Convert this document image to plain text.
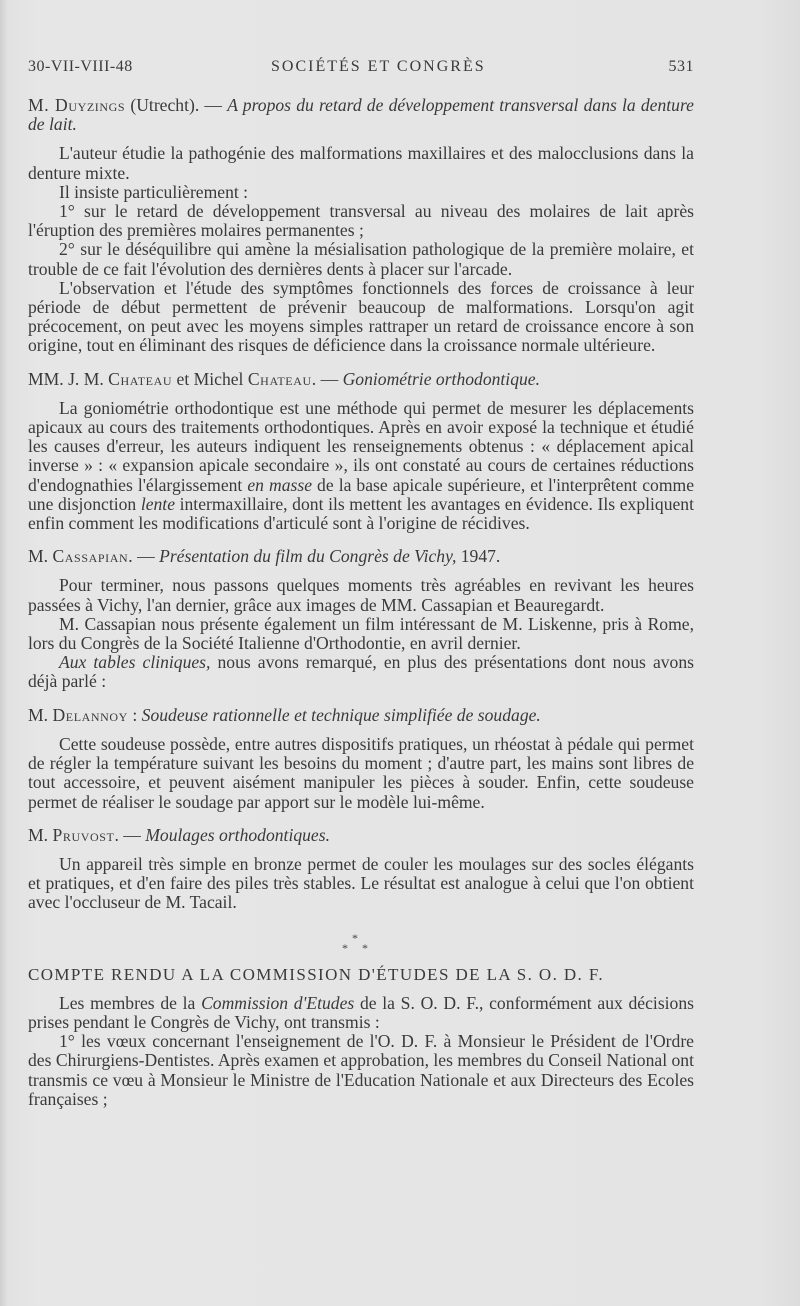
30-VII-VIII-48	SOCIÉTÉS ET CONGRÈS	531

M. Duyzings (Utrecht). — A propos du retard de développement transversal dans la denture de lait.

L'auteur étudie la pathogénie des malformations maxillaires et des malocclusions dans la denture mixte.

Il insiste particulièrement :

1° sur le retard de développement transversal au niveau des molaires de lait après l'éruption des premières molaires permanentes ;

2° sur le déséquilibre qui amène la mésialisation pathologique de la première molaire, et trouble de ce fait l'évolution des dernières dents à placer sur l'arcade.

L'observation et l'étude des symptômes fonctionnels des forces de croissance à leur période de début permettent de prévenir beaucoup de malformations. Lorsqu'on agit précocement, on peut avec les moyens simples rattraper un retard de croissance encore à son origine, tout en éliminant des risques de déficience dans la croissance normale ultérieure.

MM. J. M. Chateau et Michel Chateau. — Goniométrie orthodontique.

La goniométrie orthodontique est une méthode qui permet de mesurer les déplacements apicaux au cours des traitements orthodontiques. Après en avoir exposé la technique et étudié les causes d'erreur, les auteurs indiquent les renseignements obtenus : « déplacement apical inverse » : « expansion apicale secondaire », ils ont constaté au cours de certaines réductions d'endognathies l'élargissement en masse de la base apicale supérieure, et l'interprêtent comme une disjonction lente intermaxillaire, dont ils mettent les avantages en évidence. Ils expliquent enfin comment les modifications d'articulé sont à l'origine de récidives.

M. Cassapian. — Présentation du film du Congrès de Vichy, 1947.

Pour terminer, nous passons quelques moments très agréables en revivant les heures passées à Vichy, l'an dernier, grâce aux images de MM. Cassapian et Beauregardt.

M. Cassapian nous présente également un film intéressant de M. Liskenne, pris à Rome, lors du Congrès de la Société Italienne d'Orthodontie, en avril dernier.

Aux tables cliniques, nous avons remarqué, en plus des présentations dont nous avons déjà parlé :

M. Delannoy : Soudeuse rationnelle et technique simplifiée de soudage.

Cette soudeuse possède, entre autres dispositifs pratiques, un rhéostat à pédale qui permet de régler la température suivant les besoins du moment ; d'autre part, les mains sont libres de tout accessoire, et peuvent aisément manipuler les pièces à souder. Enfin, cette soudeuse permet de réaliser le soudage par apport sur le modèle lui-même.

M. Pruvost. — Moulages orthodontiques.

Un appareil très simple en bronze permet de couler les moulages sur des socles élégants et pratiques, et d'en faire des piles très stables. Le résultat est analogue à celui que l'on obtient avec l'occluseur de M. Tacail.

*
* *

COMPTE RENDU A LA COMMISSION D'ÉTUDES DE LA S. O. D. F.

Les membres de la Commission d'Etudes de la S. O. D. F., conformément aux décisions prises pendant le Congrès de Vichy, ont transmis :

1° les vœux concernant l'enseignement de l'O. D. F. à Monsieur le Président de l'Ordre des Chirurgiens-Dentistes. Après examen et approbation, les membres du Conseil National ont transmis ce vœu à Monsieur le Ministre de l'Education Nationale et aux Directeurs des Ecoles françaises ;
